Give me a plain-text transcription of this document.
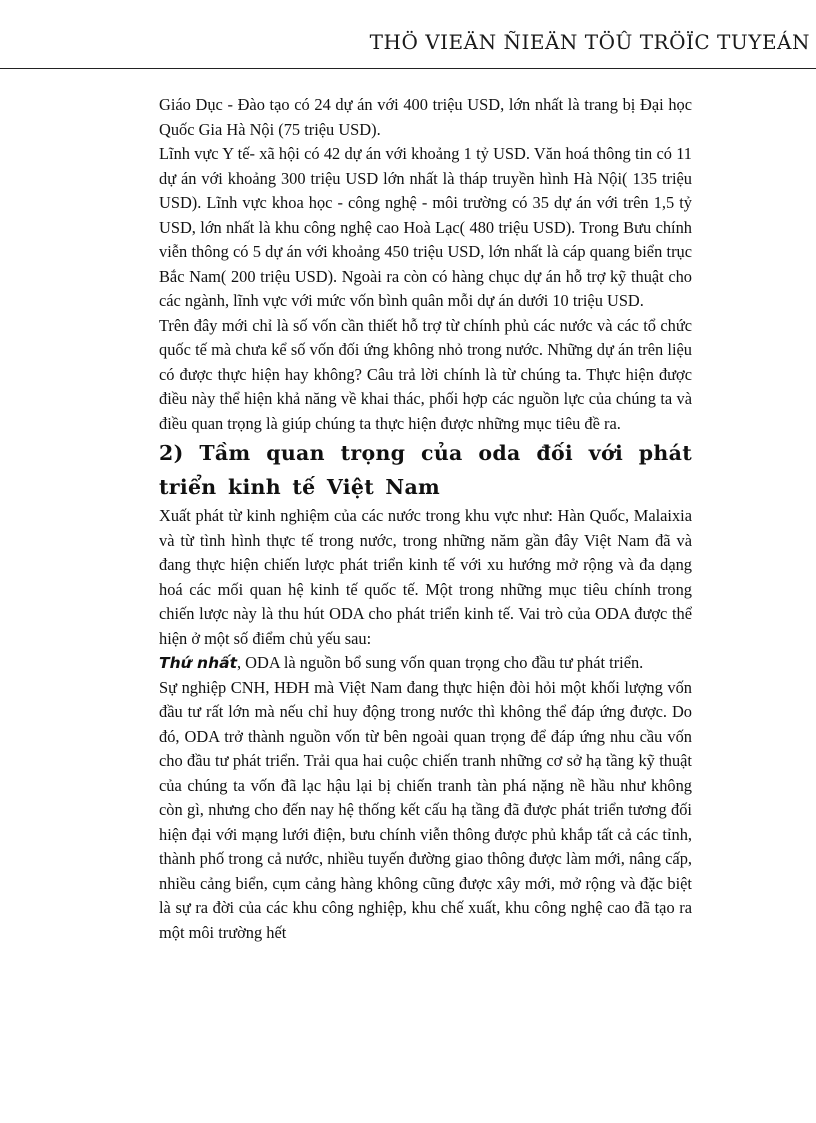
THÖ VIEÄN ÑIEÄN TÖÛ TRÖÏC TUYEÁN

Giáo Dục - Đào tạo có 24 dự án với 400 triệu USD, lớn nhất là trang bị Đại học Quốc Gia Hà Nội (75 triệu USD).

Lĩnh vực Y tế- xã hội có 42 dự án với khoảng 1 tỷ USD. Văn hoá thông tin có 11 dự án với khoảng 300 triệu USD lớn nhất là tháp truyền hình Hà Nội( 135 triệu USD). Lĩnh vực khoa học - công nghệ - môi trường có 35 dự án với trên 1,5 tỷ USD, lớn nhất là khu công nghệ cao Hoà Lạc( 480 triệu USD). Trong Bưu chính viễn thông có 5 dự án với khoảng 450 triệu USD, lớn nhất là cáp quang biển trục Bắc Nam( 200 triệu USD). Ngoài ra còn có hàng chục dự án hỗ trợ kỹ thuật cho các ngành, lĩnh vực với mức vốn bình quân mỗi dự án dưới 10 triệu USD.

Trên đây mới chỉ là số vốn cần thiết hỗ trợ từ chính phủ các nước và các tổ chức quốc tế mà chưa kể số vốn đối ứng không nhỏ trong nước. Những dự án trên liệu có được thực hiện hay không? Câu trả lời chính là từ chúng ta. Thực hiện được điều này thể hiện khả năng về khai thác, phối hợp các nguồn lực của chúng ta và điều quan trọng là giúp chúng ta thực hiện được những mục tiêu đề ra.

2) Tầm quan trọng của oda đối với phát triển kinh tế Việt Nam

Xuất phát từ kinh nghiệm của các nước trong khu vực như: Hàn Quốc, Malaixia và từ tình hình thực tế trong nước, trong những năm gần đây Việt Nam đã và đang thực hiện chiến lược phát triển kinh tế với xu hướng mở rộng và đa dạng hoá các mối quan hệ kinh tế quốc tế. Một trong những mục tiêu chính trong chiến lược này là thu hút ODA cho phát triển kinh tế. Vai trò của ODA được thể hiện ở một số điểm chủ yếu sau:

Thứ nhất, ODA là nguồn bổ sung vốn quan trọng cho đầu tư phát triển.

Sự nghiệp CNH, HĐH mà Việt Nam đang thực hiện đòi hỏi một khối lượng vốn đầu tư rất lớn mà nếu chỉ huy động trong nước thì không thể đáp ứng được. Do đó, ODA trở thành nguồn vốn từ bên ngoài quan trọng để đáp ứng nhu cầu vốn cho đầu tư phát triển. Trải qua hai cuộc chiến tranh những cơ sở hạ tầng kỹ thuật của chúng ta vốn đã lạc hậu lại bị chiến tranh tàn phá nặng nề hầu như không còn gì, nhưng cho đến nay hệ thống kết cấu hạ tầng đã được phát triển tương đối hiện đại với mạng lưới điện, bưu chính viễn thông được phủ khắp tất cả các tỉnh, thành phố trong cả nước, nhiều tuyến đường giao thông được làm mới, nâng cấp, nhiều cảng biển, cụm cảng hàng không cũng được xây mới, mở rộng và đặc biệt là sự ra đời của các khu công nghiệp, khu chế xuất, khu công nghệ cao đã tạo ra một môi trường hết
